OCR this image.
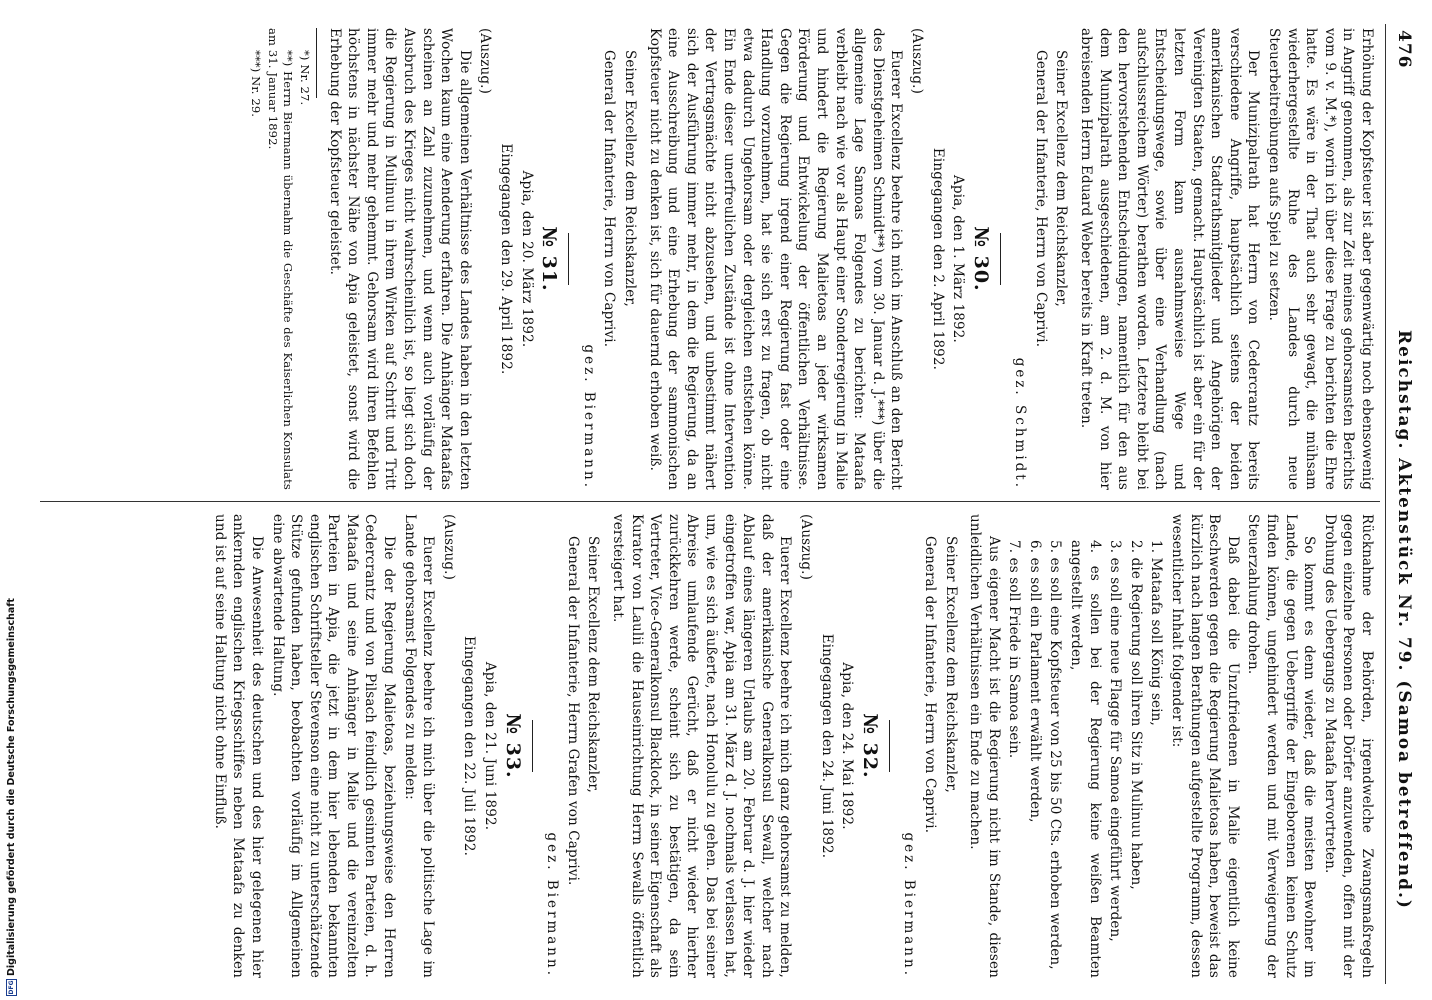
DFGDigitalisierung gefördert durch die Deutsche Forschungsgemeinschaft
476
Reichstag. Aktenstück Nr. 79. (Samoa betreffend.)

Erhöhung der Kopfsteuer ist aber gegenwärtig noch ebensowenig in Angriff genommen, als zur Zeit meines gehorsamsten Berichts vom 9. v. M.*), worin ich über diese Frage zu berichten die Ehre hatte. Es wäre in der That auch sehr gewagt, die mühsam wiederhergestellte Ruhe des Landes durch neue Steuerbeitreibungen aufs Spiel zu setzen.

Der Munizipalrath hat Herrn von Cedercrantz bereits verschiedene Angriffe, hauptsächlich seitens der beiden amerikanischen Stadtrathsmitglieder und Angehörigen der Vereinigten Staaten, gemacht. Hauptsächlich ist aber ein für der letzten Form kann ausnahmsweise Wege und Entscheidungswege, sowie über eine Verhandlung (nach aufschlussreichem Wörter) berathen worden. Letztere bleibt bei den hervorstehenden Entscheidungen, namentlich für den aus dem Munizipalrath ausgeschiedenen, am 2. d. M. von hier abreisenden Herrn Eduard Weber bereits in Kraft treten.

Seiner Excellenz dem Reichskanzler,

General der Infanterie, Herrn von Caprivi.

gez. Schmidt.

№ 30.

Apia, den 1. März 1892.

Eingegangen den 2. April 1892.

(Auszug.)

Euerer Excellenz beehre ich mich im Anschluß an den Bericht des Dienstgeheimen Schmidt**) vom 30. Januar d. J.***) über die allgemeine Lage Samoas Folgendes zu berichten: Mataafa verbleibt nach wie vor als Haupt einer Sonderregierung in Malie und hindert die Regierung Malietoas an jeder wirksamen Förderung und Entwickelung der öffentlichen Verhältnisse. Gegen die Regierung irgend einer Regierung fast oder eine Handlung vorzunehmen, hat sie sich erst zu fragen, ob nicht etwa dadurch Ungehorsam oder dergleichen entstehen könne. Ein Ende dieser unerfreulichen Zustände ist ohne Intervention der Vertragsmächte nicht abzusehen, und unbestimmt nähert sich der Ausführung immer mehr, in dem die Regierung, da an eine Ausschreibung und eine Erhebung der sammonischen Kopfsteuer nicht zu denken ist, sich für dauernd erhoben weiß.

Seiner Excellenz dem Reichskanzler,

General der Infanterie, Herrn von Caprivi.

gez. Biermann.

№ 31.

Apia, den 20. März 1892.

Eingegangen den 29. April 1892.

(Auszug.)

Die allgemeinen Verhältnisse des Landes haben in den letzten Wochen kaum eine Aenderung erfahren. Die Anhänger Mataafas scheinen an Zahl zuzunehmen, und wenn auch vorläufig der Ausbruch des Krieges nicht wahrscheinlich ist, so liegt sich doch die Regierung in Mulinuu in ihrem Wirken auf Schritt und Tritt immer mehr und mehr gehemmt. Gehorsam wird ihren Befehlen höchstens in nächster Nähe von Apia geleistet, sonst wird die Erhebung der Kopfsteuer geleistet.

*) Nr. 27.

**) Herrn Biermann übernahm die Geschäfte des Kaiserlichen Konsulats am 31. Januar 1892.

***) Nr. 29.

Rücknahme der Behörden, irgendwelche Zwangsmaßregeln gegen einzelne Personen oder Dörfer anzuwenden, offen mit der Drohung des Uebergangs zu Mataafa hervortreten.

So kommt es denn wieder, daß die meisten Bewohner im Lande, die gegen Uebergriffe der Eingeborenen keinen Schutz finden können, ungehindert werden und mit Verweigerung der Steuerzahlung drohen.

Daß dabei die Unzufriedenen in Malie eigentlich keine Beschwerden gegen die Regierung Malietoas haben, beweist das kürzlich nach langen Berathungen aufgestellte Programm, dessen wesentlicher Inhalt folgender ist:

1. Mataafa soll König sein,

2. die Regierung soll ihren Sitz in Mulinuu haben,

3. es soll eine neue Flagge für Samoa eingeführt werden,

4. es sollen bei der Regierung keine weißen Beamten angestellt werden,

5. es soll eine Kopfsteuer von 25 bis 50 Cts. erhoben werden,

6. es soll ein Parlament erwählt werden,

7. es soll Friede in Samoa sein.

Aus eigener Macht ist die Regierung nicht im Stande, diesen unleidlichen Verhältnissen ein Ende zu machen.

Seiner Excellenz dem Reichskanzler,

General der Infanterie, Herrn von Caprivi.

gez. Biermann.

№ 32.

Apia, den 24. Mai 1892.

Eingegangen den 24. Juni 1892.

(Auszug.)

Euerer Excellenz beehre ich mich ganz gehorsamst zu melden, daß der amerikanische Generalkonsul Sewall, welcher nach Ablauf eines längeren Urlaubs am 20. Februar d. J. hier wieder eingetroffen war, Apia am 31. März d. J. nochmals verlassen hat, um, wie es sich äußerte, nach Honolulu zu gehen. Das bei seiner Abreise umlaufende Gerücht, daß er nicht wieder hierher zurückkehren werde, scheint sich zu bestätigen, da sein Vertreter, Vice-Generalkonsul Blacklock, in seiner Eigenschaft als Kurator von Laulii die Hauseinrichtung Herrn Sewalls öffentlich versteigert hat.

Seiner Excellenz dem Reichskanzler,

General der Infanterie, Herrn Grafen von Caprivi.

gez. Biermann.

№ 33.

Apia, den 21. Juni 1892.

Eingegangen den 22. Juli 1892.

(Auszug.)

Euerer Excellenz beehre ich mich über die politische Lage im Lande gehorsamst Folgendes zu melden:

Die der Regierung Malietoas, beziehungsweise den Herren Cedercrantz und von Pilsach feindlich gesinnten Parteien, d. h. Mataafa und seine Anhänger in Malie und die vereinzelten Parteien in Apia, die jetzt in dem hier lebenden bekannten englischen Schriftsteller Stevenson eine nicht zu unterschätzende Stütze gefunden haben, beobachten vorläufig im Allgemeinen eine abwartende Haltung.

Die Anwesenheit des deutschen und des hier gelegenen hier ankernden englischen Kriegsschiffes neben Mataafa zu denken und ist auf seine Haltung nicht ohne Einfluß.
